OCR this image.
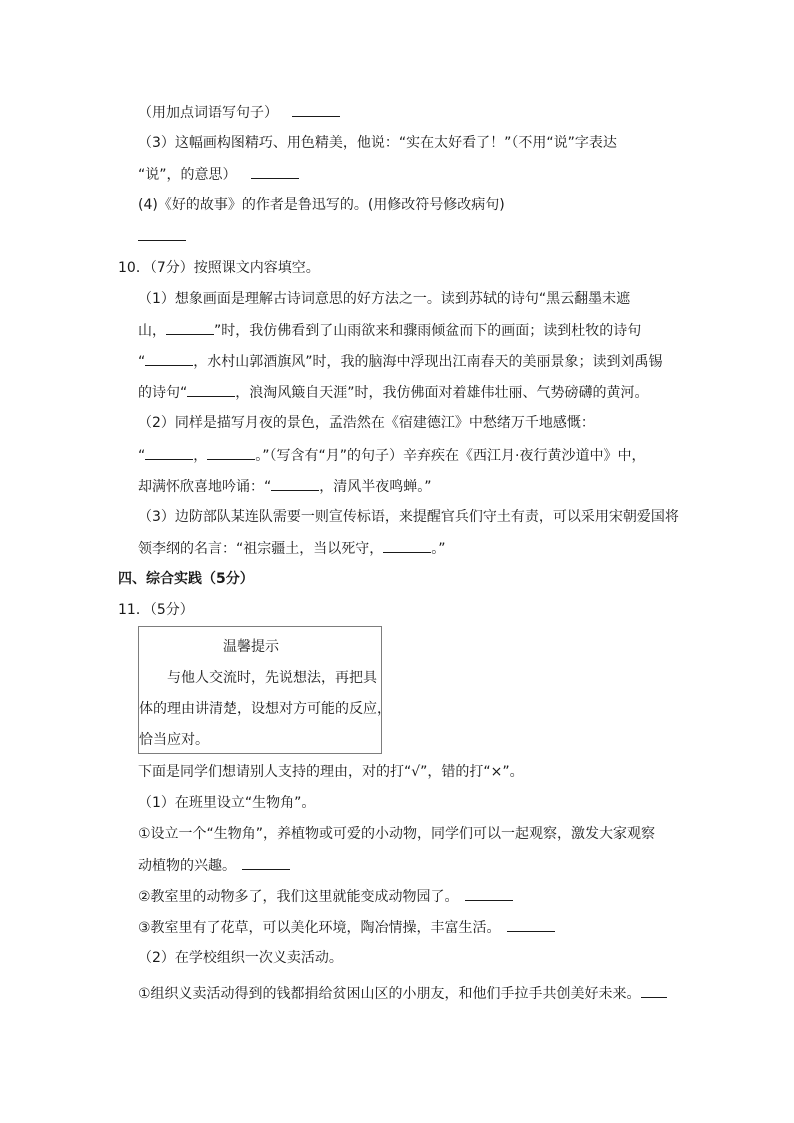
（用加点词语写句子）
（3）这幅画构图精巧、用色精美，他说：“实在太好看了！”（不用“说”字表达
“说”，的意思）
(4)《好的故事》的作者是鲁迅写的。(用修改符号修改病句)
10．（7分）按照课文内容填空。
（1）想象画面是理解古诗词意思的好方法之一。读到苏轼的诗句“黑云翻墨未遮
山，	”时，我仿佛看到了山雨欲来和骤雨倾盆而下的画面；读到杜牧的诗句
“	，水村山郭酒旗风”时，我的脑海中浮现出江南春天的美丽景象；读到刘禹锡
的诗句“	，浪淘风簸自天涯”时，我仿佛面对着雄伟壮丽、气势磅礴的黄河。
（2）同样是描写月夜的景色，孟浩然在《宿建德江》中愁绪万千地感慨：
“	，	。”（写含有“月”的句子）辛弃疾在《西江月·夜行黄沙道中》中，
却满怀欣喜地吟诵：“	，清风半夜鸣蝉。”
（3）边防部队某连队需要一则宣传标语，来提醒官兵们守土有责，可以采用宋朝爱国将
领李纲的名言：“祖宗疆土，当以死守，	。”
四、综合实践（5分）
11．（5分）
温馨提示
与他人交流时，先说想法，再把具
体的理由讲清楚，设想对方可能的反应，
恰当应对。
下面是同学们想请别人支持的理由，对的打“√”，错的打“×”。
（1）在班里设立“生物角”。
①设立一个“生物角”，养植物或可爱的小动物，同学们可以一起观察，激发大家观察
动植物的兴趣。
②教室里的动物多了，我们这里就能变成动物园了。
③教室里有了花草，可以美化环境，陶冶情操，丰富生活。
（2）在学校组织一次义卖活动。
①组织义卖活动得到的钱都捐给贫困山区的小朋友，和他们手拉手共创美好未来。
